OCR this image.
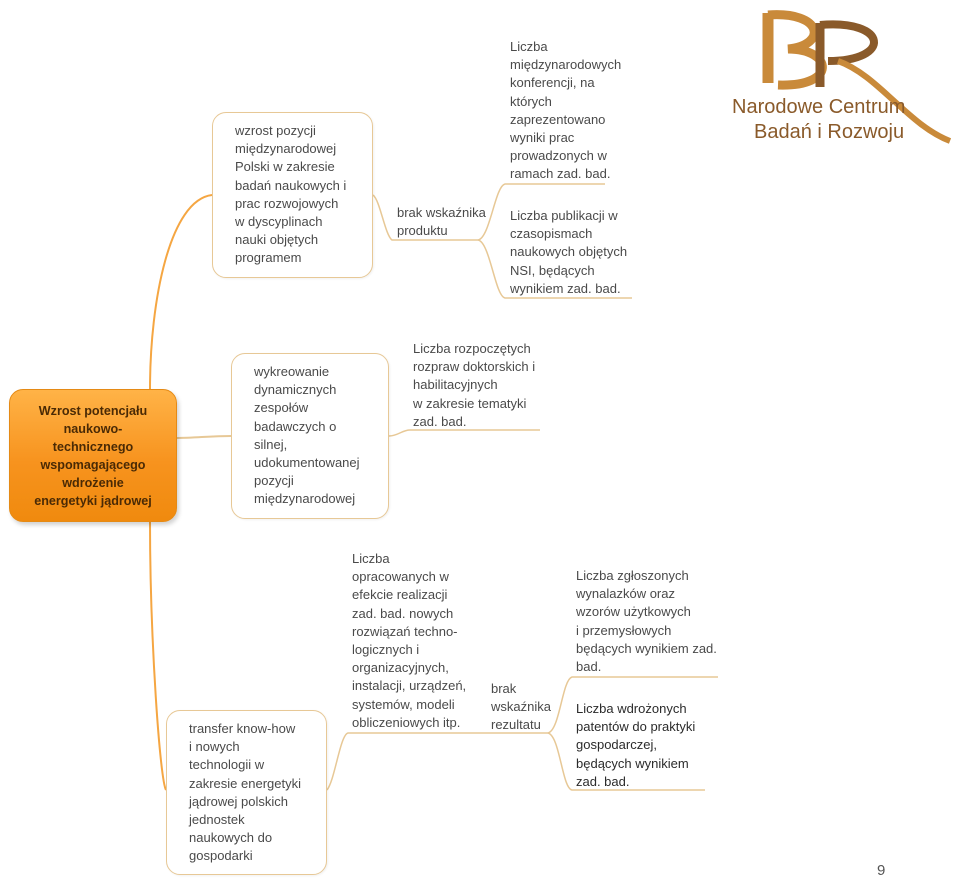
Narodowe Centrum
Badań i Rozwoju
Wzrost potencjału
naukowo-
technicznego
wspomagającego
wdrożenie
energetyki jądrowej
wzrost pozycji
międzynarodowej
Polski w zakresie
badań naukowych i
prac rozwojowych
w dyscyplinach
nauki objętych
programem
brak wskaźnika
produktu
Liczba
międzynarodowych
konferencji, na
których
zaprezentowano
wyniki prac
prowadzonych w
ramach zad. bad.
Liczba publikacji w
czasopismach
naukowych objętych
NSI, będących
wynikiem zad. bad.
wykreowanie
dynamicznych
zespołów
badawczych o
silnej,
udokumentowanej
pozycji
międzynarodowej
Liczba rozpoczętych
rozpraw doktorskich i
habilitacyjnych
w zakresie tematyki
zad. bad.
transfer know-how
i nowych
technologii w
zakresie energetyki
jądrowej polskich
jednostek
naukowych do
gospodarki
Liczba
opracowanych w
efekcie realizacji
zad. bad. nowych
rozwiązań techno-
logicznych i
organizacyjnych,
instalacji, urządzeń,
systemów, modeli
obliczeniowych itp.
brak
wskaźnika
rezultatu
Liczba zgłoszonych
wynalazków oraz
wzorów użytkowych
i przemysłowych
będących wynikiem zad.
bad.
Liczba wdrożonych
patentów do praktyki
gospodarczej,
będących wynikiem
zad. bad.
9
